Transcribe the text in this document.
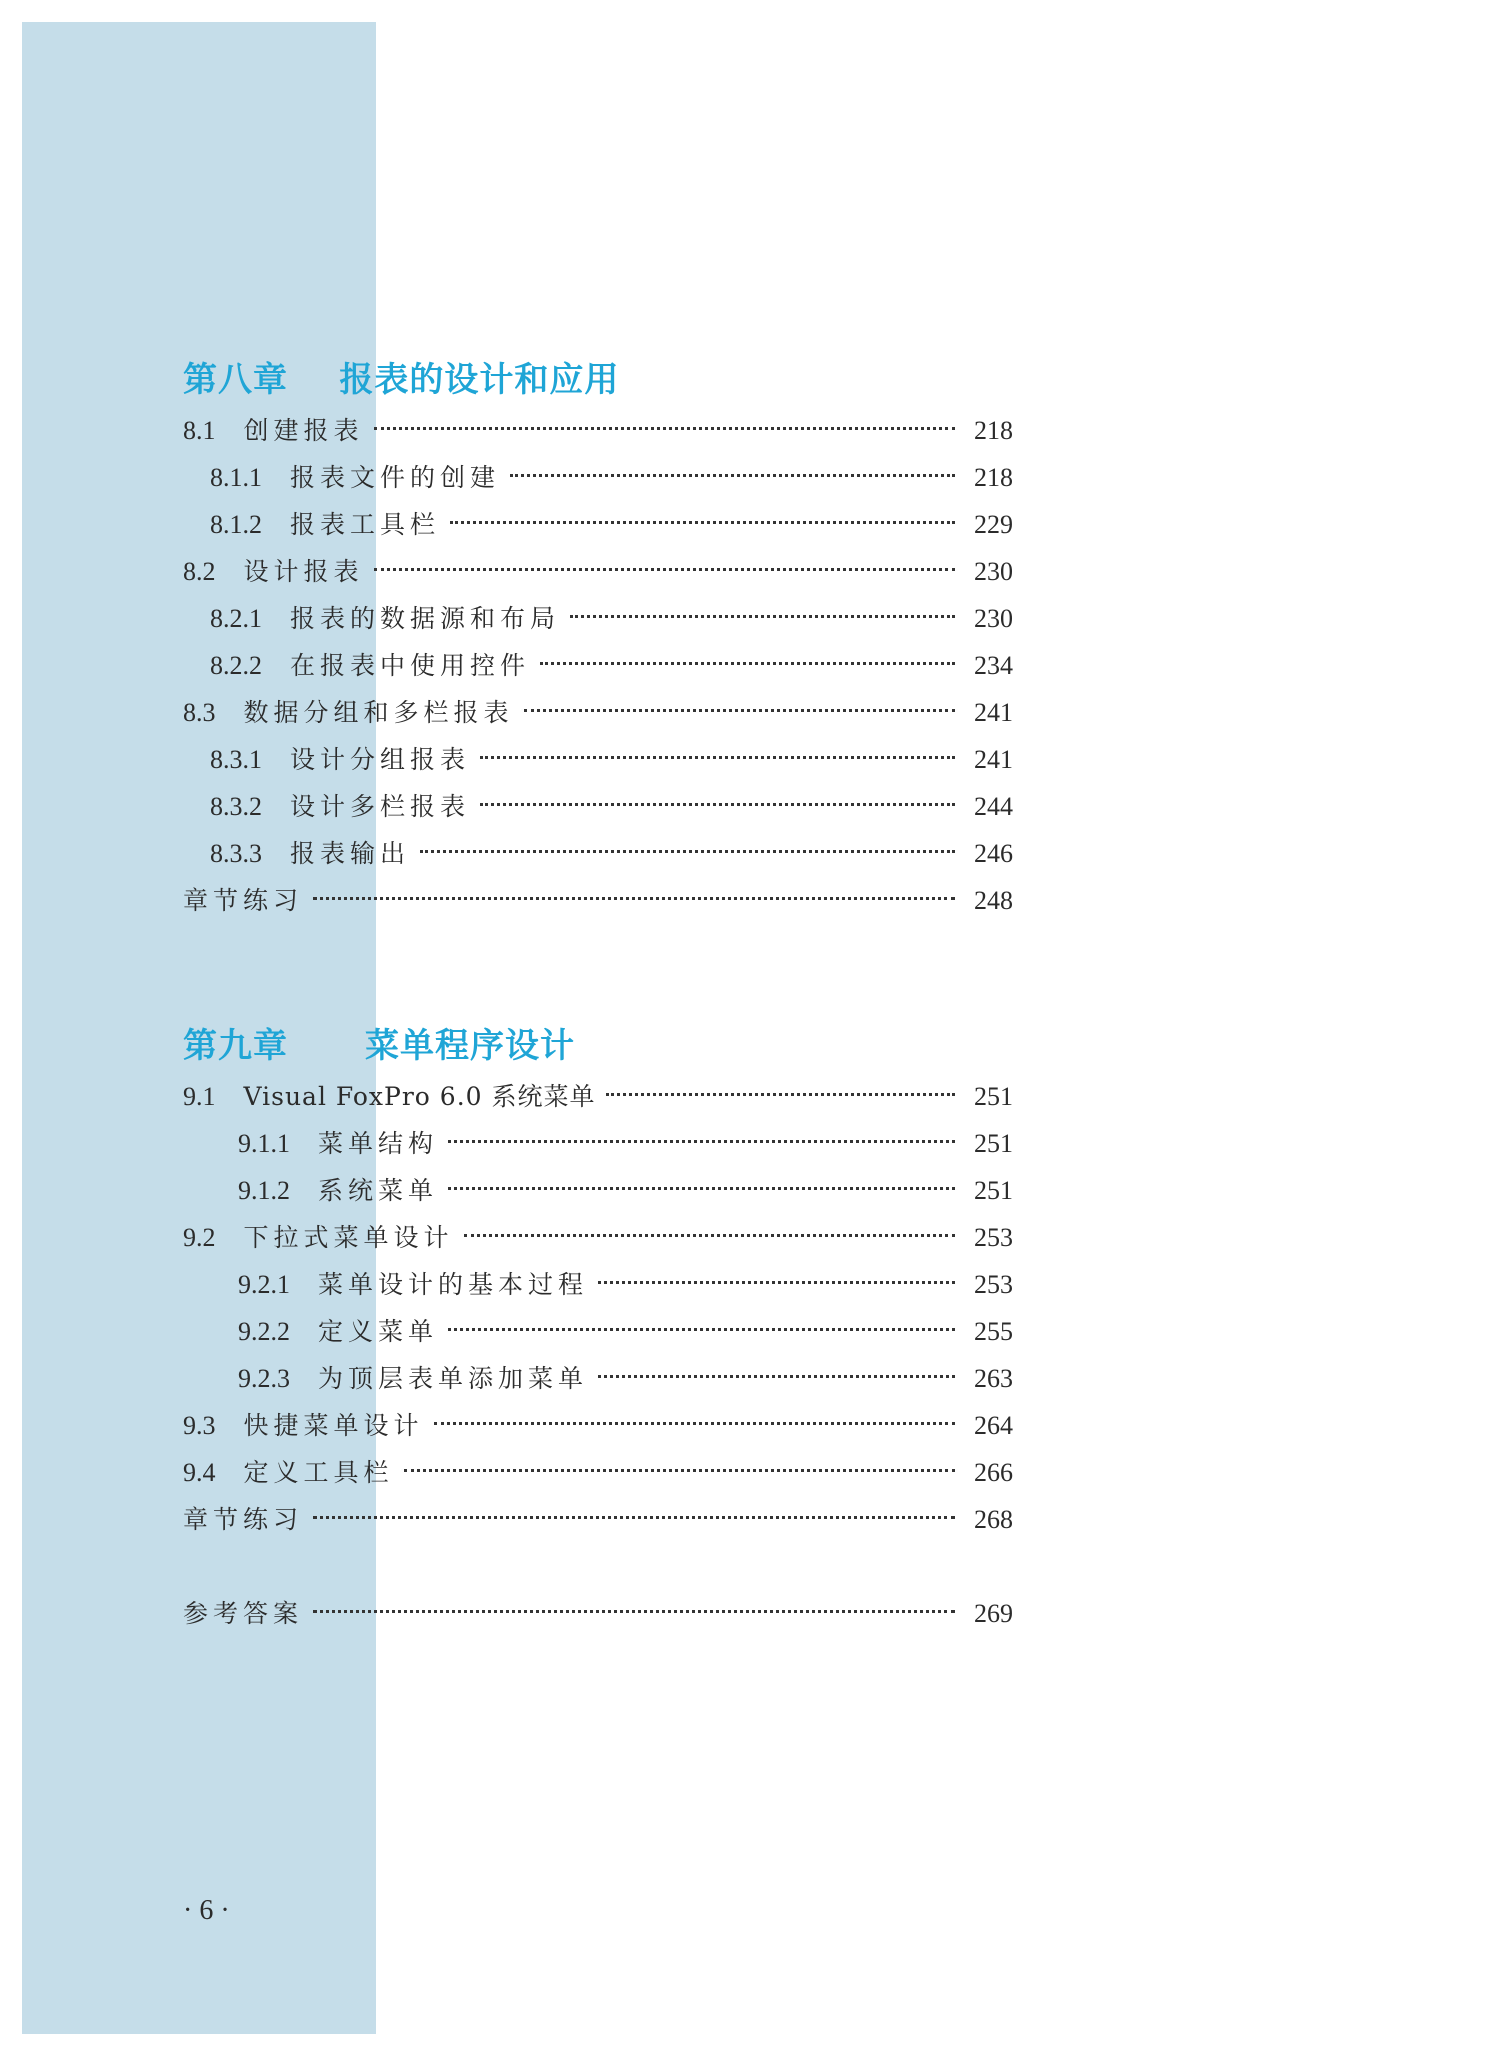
第八章    报表的设计和应用
8.1 创建报表	218
8.1.1 报表文件的创建	218
8.1.2 报表工具栏	229
8.2 设计报表	230
8.2.1 报表的数据源和布局	230
8.2.2 在报表中使用控件	234
8.3 数据分组和多栏报表	241
8.3.1 设计分组报表	241
8.3.2 设计多栏报表	244
8.3.3 报表输出	246
章节练习	248
第九章      菜单程序设计
9.1 Visual FoxPro 6.0 系统菜单	251
9.1.1 菜单结构	251
9.1.2 系统菜单	251
9.2 下拉式菜单设计	253
9.2.1 菜单设计的基本过程	253
9.2.2 定义菜单	255
9.2.3 为顶层表单添加菜单	263
9.3 快捷菜单设计	264
9.4 定义工具栏	266
章节练习	268
参考答案	269
· 6 ·
